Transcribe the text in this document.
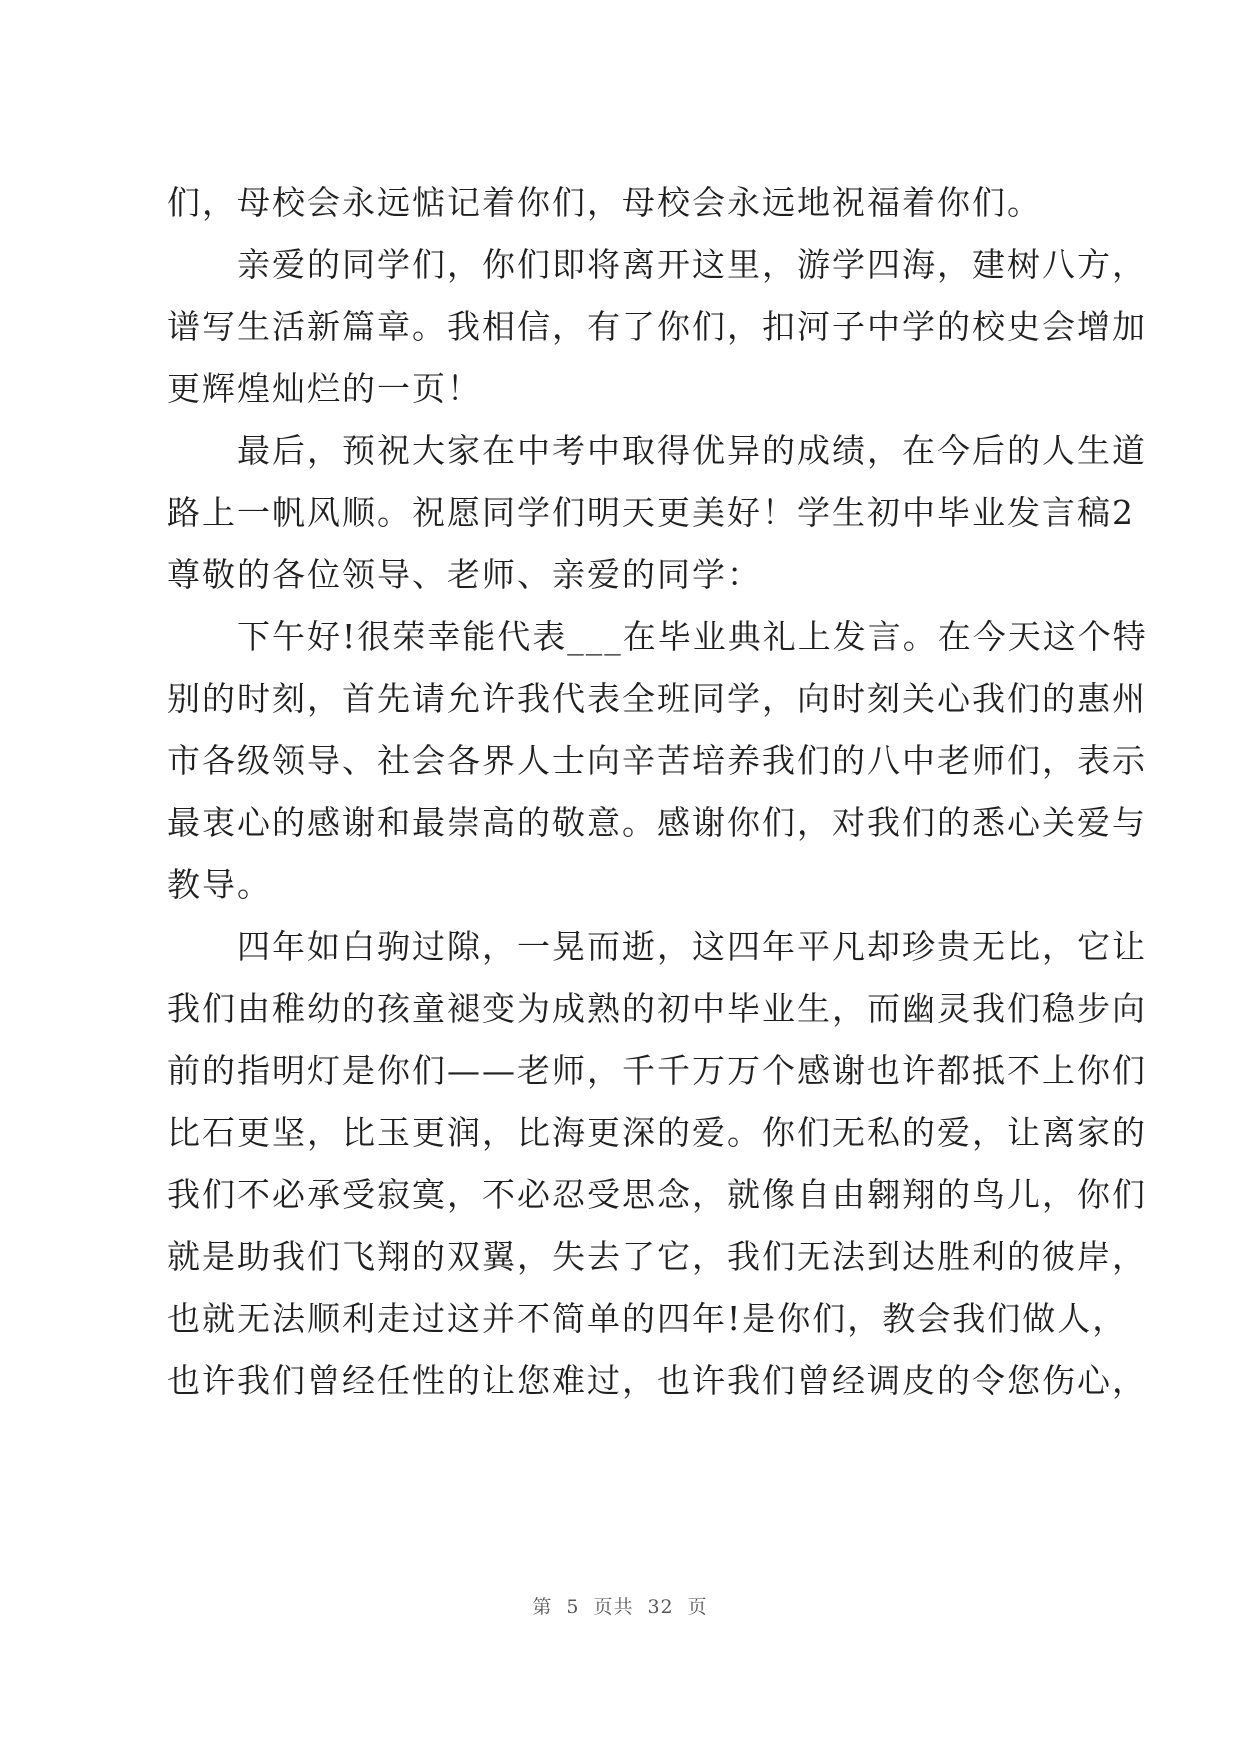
们，母校会永远惦记着你们，母校会永远地祝福着你们。
　　亲爱的同学们，你们即将离开这里，游学四海，建树八方，
谱写生活新篇章。我相信，有了你们，扣河子中学的校史会增加
更辉煌灿烂的一页！
　　最后，预祝大家在中考中取得优异的成绩，在今后的人生道
路上一帆风顺。祝愿同学们明天更美好！学生初中毕业发言稿2
尊敬的各位领导、老师、亲爱的同学：
　　下午好!很荣幸能代表___在毕业典礼上发言。在今天这个特
别的时刻，首先请允许我代表全班同学，向时刻关心我们的惠州
市各级领导、社会各界人士向辛苦培养我们的八中老师们，表示
最衷心的感谢和最崇高的敬意。感谢你们，对我们的悉心关爱与
教导。
　　四年如白驹过隙，一晃而逝，这四年平凡却珍贵无比，它让
我们由稚幼的孩童褪变为成熟的初中毕业生，而幽灵我们稳步向
前的指明灯是你们——老师，千千万万个感谢也许都抵不上你们
比石更坚，比玉更润，比海更深的爱。你们无私的爱，让离家的
我们不必承受寂寞，不必忍受思念，就像自由翱翔的鸟儿，你们
就是助我们飞翔的双翼，失去了它，我们无法到达胜利的彼岸，
也就无法顺利走过这并不简单的四年!是你们，教会我们做人，
也许我们曾经任性的让您难过，也许我们曾经调皮的令您伤心，
第 5 页共 32 页
